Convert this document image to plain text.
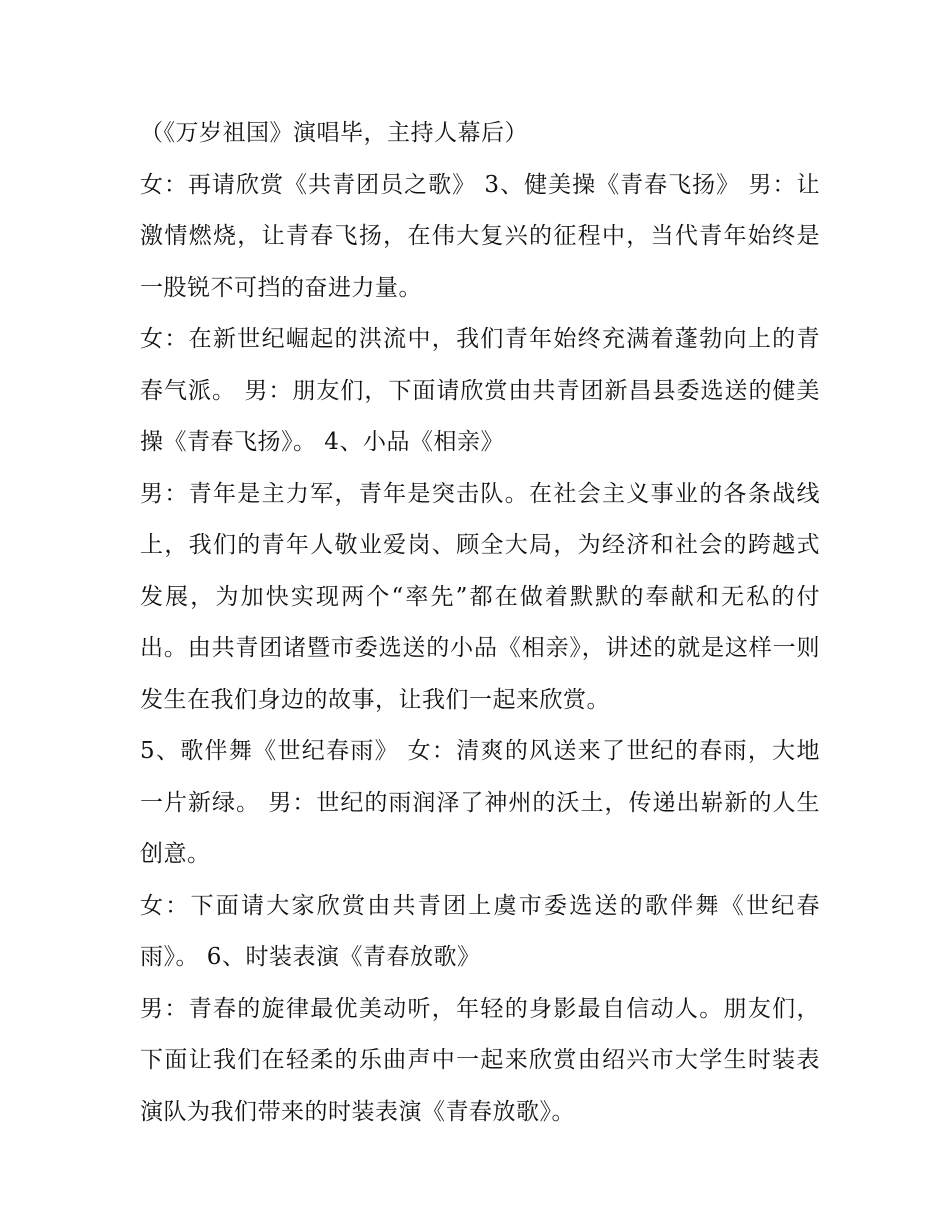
（《万岁祖国》演唱毕，主持人幕后）

女：再请欣赏《共青团员之歌》 3、健美操《青春飞扬》 男：让激情燃烧，让青春飞扬，在伟大复兴的征程中，当代青年始终是一股锐不可挡的奋进力量。

女：在新世纪崛起的洪流中，我们青年始终充满着蓬勃向上的青春气派。 男：朋友们，下面请欣赏由共青团新昌县委选送的健美操《青春飞扬》。 4、小品《相亲》

男：青年是主力军，青年是突击队。在社会主义事业的各条战线上，我们的青年人敬业爱岗、顾全大局，为经济和社会的跨越式发展，为加快实现两个“率先”都在做着默默的奉献和无私的付出。由共青团诸暨市委选送的小品《相亲》，讲述的就是这样一则发生在我们身边的故事，让我们一起来欣赏。

5、歌伴舞《世纪春雨》 女：清爽的风送来了世纪的春雨，大地一片新绿。 男：世纪的雨润泽了神州的沃土，传递出崭新的人生创意。

女：下面请大家欣赏由共青团上虞市委选送的歌伴舞《世纪春雨》。 6、时装表演《青春放歌》

男：青春的旋律最优美动听，年轻的身影最自信动人。朋友们，下面让我们在轻柔的乐曲声中一起来欣赏由绍兴市大学生时装表演队为我们带来的时装表演《青春放歌》。
